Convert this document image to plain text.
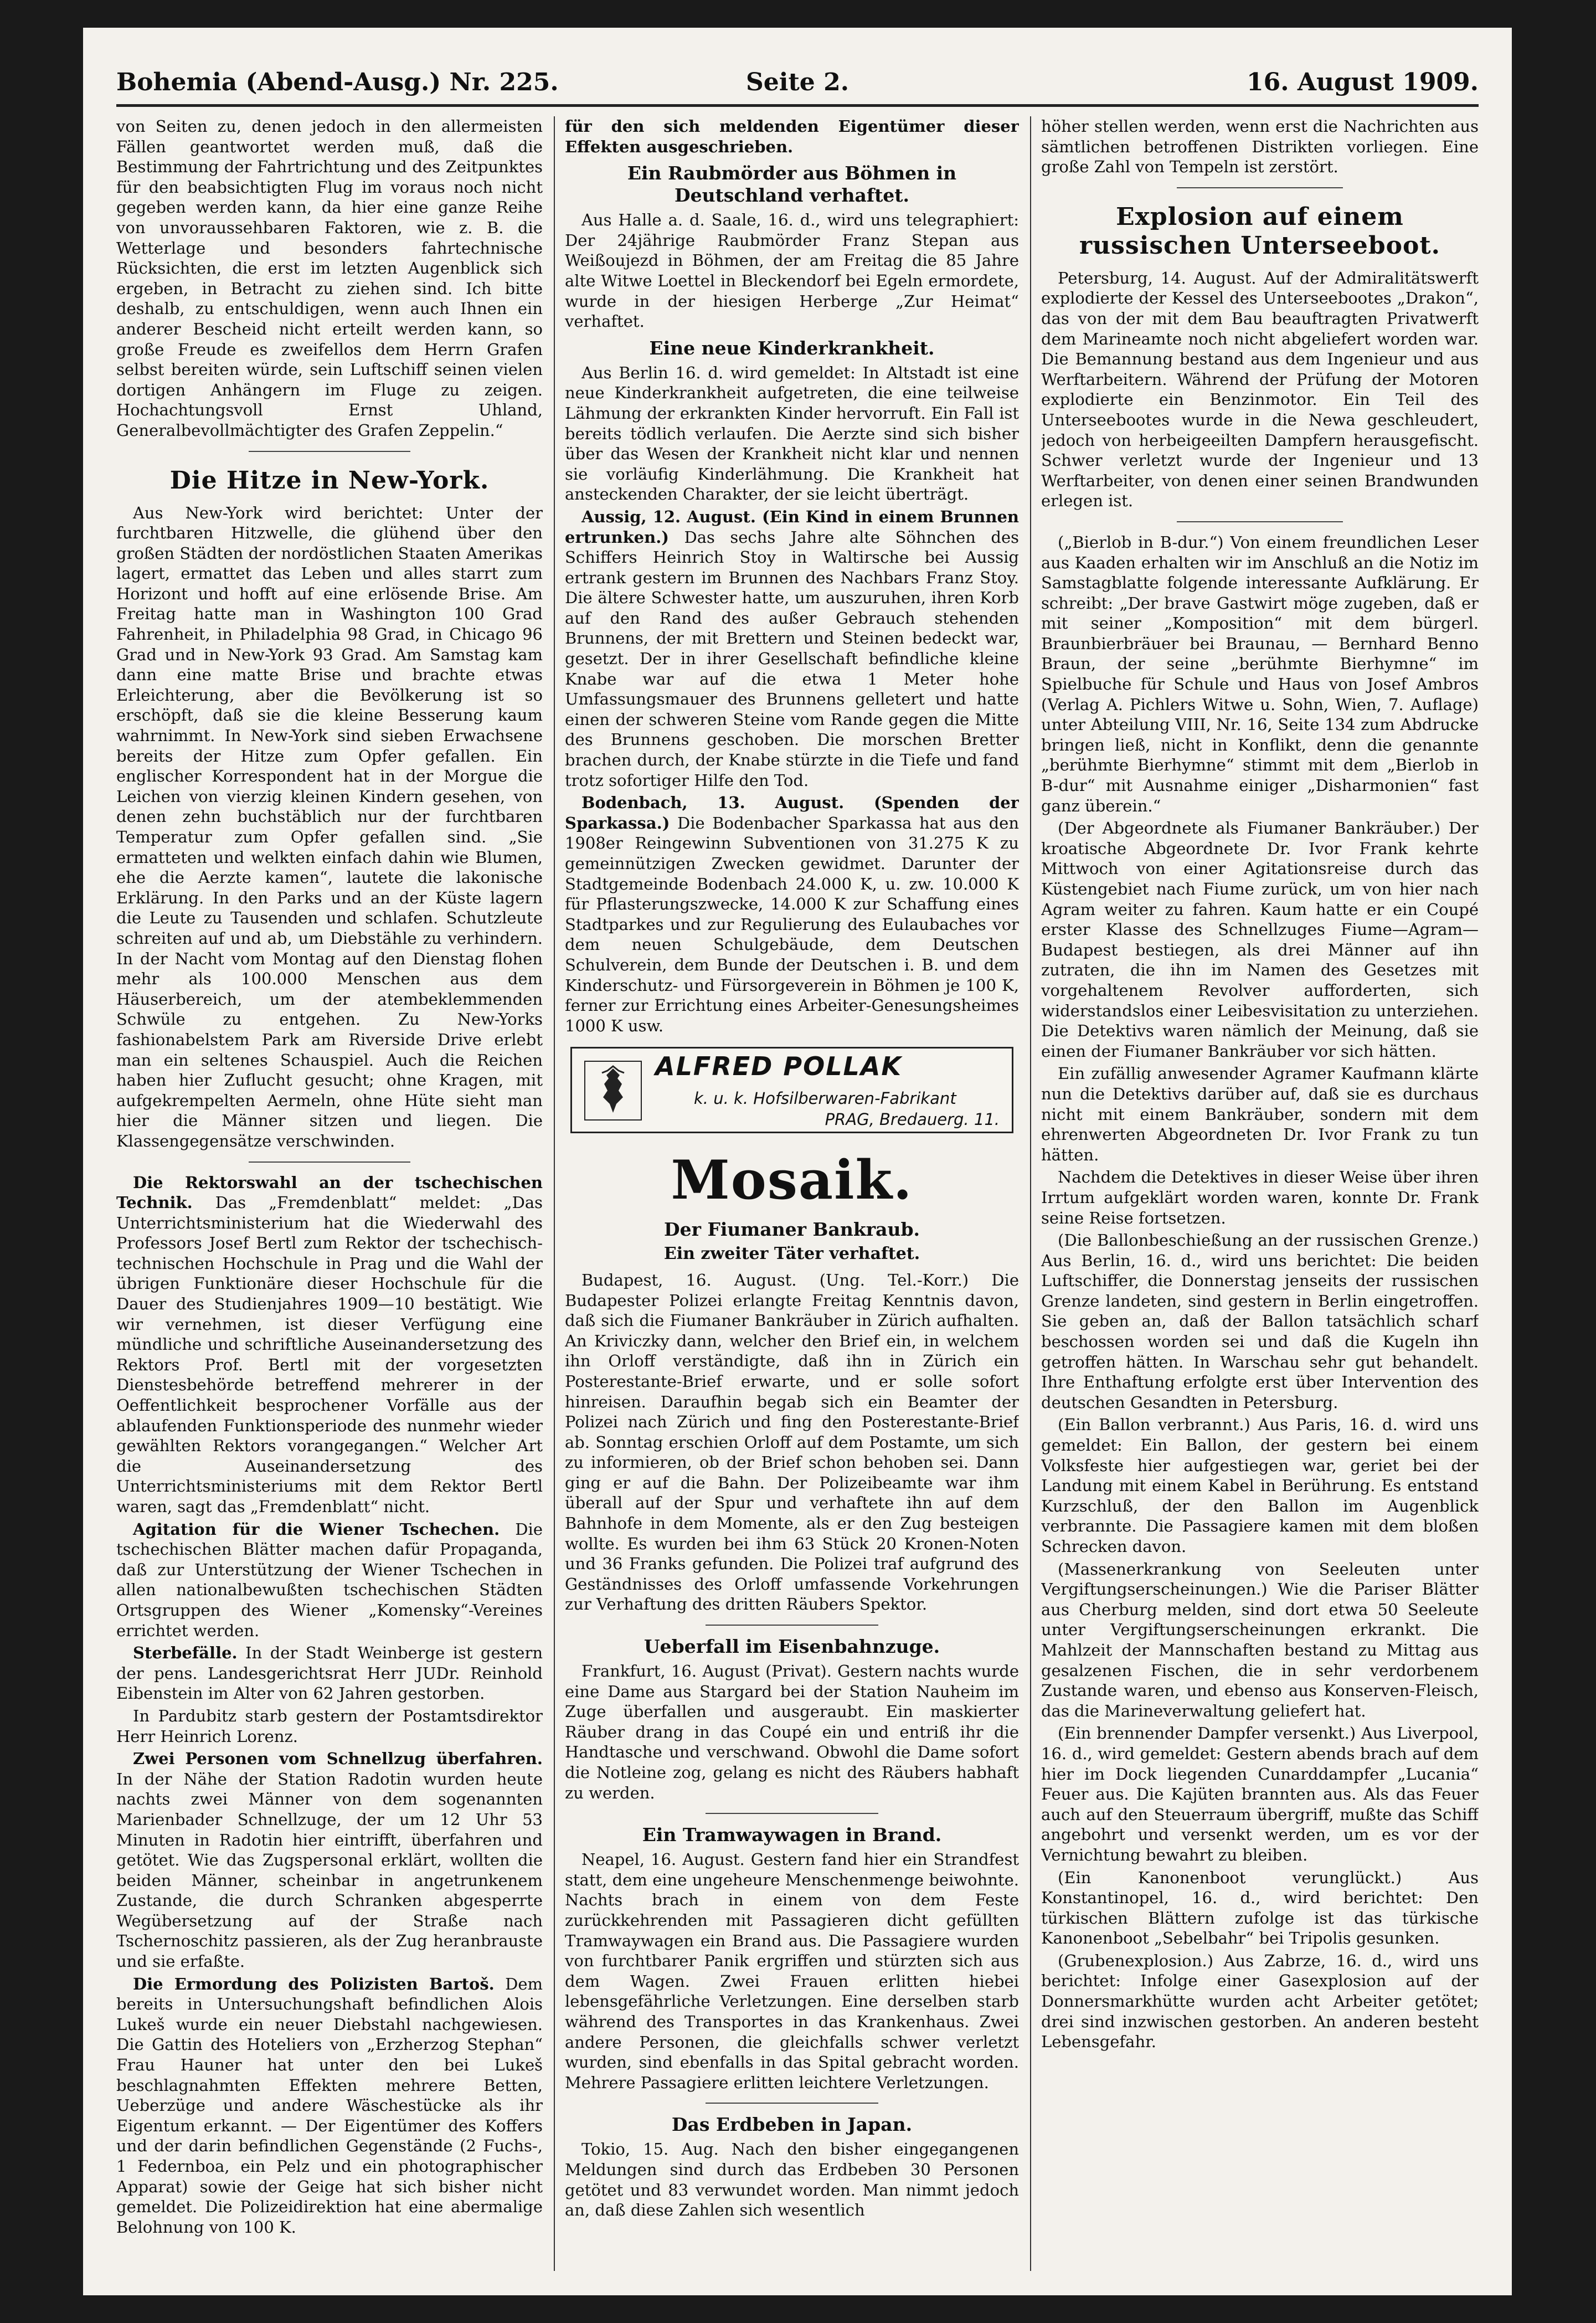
Seite 2.
Bohemia (Abend-Ausg.) Nr. 225.	16. August 1909.

von Seiten zu, denen jedoch in den allermeisten Fällen geantwortet werden muß, daß die Bestimmung der Fahrtrichtung und des Zeitpunktes für den beabsichtigten Flug im voraus noch nicht gegeben werden kann, da hier eine ganze Reihe von unvoraussehbaren Faktoren, wie z. B. die Wetterlage und besonders fahrtechnische Rücksichten, die erst im letzten Augenblick sich ergeben, in Betracht zu ziehen sind. Ich bitte deshalb, zu entschuldigen, wenn auch Ihnen ein anderer Bescheid nicht erteilt werden kann, so große Freude es zweifellos dem Herrn Grafen selbst bereiten würde, sein Luftschiff seinen vielen dortigen Anhängern im Fluge zu zeigen. Hochachtungsvoll Ernst Uhland, Generalbevollmächtigter des Grafen Zeppelin.“

Die Hitze in New-York.

Aus New-York wird berichtet: Unter der furchtbaren Hitzwelle, die glühend über den großen Städten der nordöstlichen Staaten Amerikas lagert, ermattet das Leben und alles starrt zum Horizont und hofft auf eine erlösende Brise. Am Freitag hatte man in Washington 100 Grad Fahrenheit, in Philadelphia 98 Grad, in Chicago 96 Grad und in New-York 93 Grad. Am Samstag kam dann eine matte Brise und brachte etwas Erleichterung, aber die Bevölkerung ist so erschöpft, daß sie die kleine Besserung kaum wahrnimmt. In New-York sind sieben Erwachsene bereits der Hitze zum Opfer gefallen. Ein englischer Korrespondent hat in der Morgue die Leichen von vierzig kleinen Kindern gesehen, von denen zehn buchstäblich nur der furchtbaren Temperatur zum Opfer gefallen sind. „Sie ermatteten und welkten einfach dahin wie Blumen, ehe die Aerzte kamen“, lautete die lakonische Erklärung. In den Parks und an der Küste lagern die Leute zu Tausenden und schlafen. Schutzleute schreiten auf und ab, um Diebstähle zu verhindern. In der Nacht vom Montag auf den Dienstag flohen mehr als 100.000 Menschen aus dem Häuserbereich, um der atembeklemmenden Schwüle zu entgehen. Zu New-Yorks fashionabelstem Park am Riverside Drive erlebt man ein seltenes Schauspiel. Auch die Reichen haben hier Zuflucht gesucht; ohne Kragen, mit aufgekrempelten Aermeln, ohne Hüte sieht man hier die Männer sitzen und liegen. Die Klassengegensätze verschwinden.

Die Rektorswahl an der tschechischen Technik. Das „Fremdenblatt“ meldet: „Das Unterrichtsministerium hat die Wiederwahl des Professors Josef Bertl zum Rektor der tschechisch-technischen Hochschule in Prag und die Wahl der übrigen Funktionäre dieser Hochschule für die Dauer des Studienjahres 1909—10 bestätigt. Wie wir vernehmen, ist dieser Verfügung eine mündliche und schriftliche Auseinandersetzung des Rektors Prof. Bertl mit der vorgesetzten Dienstesbehörde betreffend mehrerer in der Oeffentlichkeit besprochener Vorfälle aus der ablaufenden Funktionsperiode des nunmehr wieder gewählten Rektors vorangegangen.“ Welcher Art die Auseinandersetzung des Unterrichtsministeriums mit dem Rektor Bertl waren, sagt das „Fremdenblatt“ nicht.

Agitation für die Wiener Tschechen. Die tschechischen Blätter machen dafür Propaganda, daß zur Unterstützung der Wiener Tschechen in allen nationalbewußten tschechischen Städten Ortsgruppen des Wiener „Komensky“-Vereines errichtet werden.

Sterbefälle. In der Stadt Weinberge ist gestern der pens. Landesgerichtsrat Herr JUDr. Reinhold Eibenstein im Alter von 62 Jahren gestorben.

In Pardubitz starb gestern der Postamtsdirektor Herr Heinrich Lorenz.

Zwei Personen vom Schnellzug überfahren. In der Nähe der Station Radotin wurden heute nachts zwei Männer von dem sogenannten Marienbader Schnellzuge, der um 12 Uhr 53 Minuten in Radotin hier eintrifft, überfahren und getötet. Wie das Zugspersonal erklärt, wollten die beiden Männer, scheinbar in angetrunkenem Zustande, die durch Schranken abgesperrte Wegübersetzung auf der Straße nach Tschernoschitz passieren, als der Zug heranbrauste und sie erfaßte.

Die Ermordung des Polizisten Bartoš. Dem bereits in Untersuchungshaft befindlichen Alois Lukeš wurde ein neuer Diebstahl nachgewiesen. Die Gattin des Hoteliers von „Erzherzog Stephan“ Frau Hauner hat unter den bei Lukeš beschlagnahmten Effekten mehrere Betten, Ueberzüge und andere Wäschestücke als ihr Eigentum erkannt. — Der Eigentümer des Koffers und der darin befindlichen Gegenstände (2 Fuchs-, 1 Federnboa, ein Pelz und ein photographischer Apparat) sowie der Geige hat sich bisher nicht gemeldet. Die Polizeidirektion hat eine abermalige Belohnung von 100 K.

für den sich meldenden Eigentümer dieser Effekten ausgeschrieben.

Ein Raubmörder aus Böhmen in Deutschland verhaftet.

Aus Halle a. d. Saale, 16. d., wird uns telegraphiert: Der 24jährige Raubmörder Franz Stepan aus Weißoujezd in Böhmen, der am Freitag die 85 Jahre alte Witwe Loettel in Bleckendorf bei Egeln ermordete, wurde in der hiesigen Herberge „Zur Heimat“ verhaftet.

Eine neue Kinderkrankheit.

Aus Berlin 16. d. wird gemeldet: In Altstadt ist eine neue Kinderkrankheit aufgetreten, die eine teilweise Lähmung der erkrankten Kinder hervorruft. Ein Fall ist bereits tödlich verlaufen. Die Aerzte sind sich bisher über das Wesen der Krankheit nicht klar und nennen sie vorläufig Kinderlähmung. Die Krankheit hat ansteckenden Charakter, der sie leicht überträgt.

Aussig, 12. August. (Ein Kind in einem Brunnen ertrunken.) Das sechs Jahre alte Söhnchen des Schiffers Heinrich Stoy in Waltirsche bei Aussig ertrank gestern im Brunnen des Nachbars Franz Stoy. Die ältere Schwester hatte, um auszuruhen, ihren Korb auf den Rand des außer Gebrauch stehenden Brunnens, der mit Brettern und Steinen bedeckt war, gesetzt. Der in ihrer Gesellschaft befindliche kleine Knabe war auf die etwa 1 Meter hohe Umfassungsmauer des Brunnens gelletert und hatte einen der schweren Steine vom Rande gegen die Mitte des Brunnens geschoben. Die morschen Bretter brachen durch, der Knabe stürzte in die Tiefe und fand trotz sofortiger Hilfe den Tod.

Bodenbach, 13. August. (Spenden der Sparkassa.) Die Bodenbacher Sparkassa hat aus den 1908er Reingewinn Subventionen von 31.275 K zu gemeinnützigen Zwecken gewidmet. Darunter der Stadtgemeinde Bodenbach 24.000 K, u. zw. 10.000 K für Pflasterungszwecke, 14.000 K zur Schaffung eines Stadtparkes und zur Regulierung des Eulaubaches vor dem neuen Schulgebäude, dem Deutschen Schulverein, dem Bunde der Deutschen i. B. und dem Kinderschutz- und Fürsorgeverein in Böhmen je 100 K, ferner zur Errichtung eines Arbeiter-Genesungsheimes 1000 K usw.

ALFRED POLLAK
k. u. k. Hofsilberwaren-Fabrikant
PRAG, Bredauerg. 11.
Mosaik.
Der Fiumaner Bankraub.
Ein zweiter Täter verhaftet.

Budapest, 16. August. (Ung. Tel.-Korr.) Die Budapester Polizei erlangte Freitag Kenntnis davon, daß sich die Fiumaner Bankräuber in Zürich aufhalten. An Kriviczky dann, welcher den Brief ein, in welchem ihn Orloff verständigte, daß ihn in Zürich ein Posterestante-Brief erwarte, und er solle sofort hinreisen. Daraufhin begab sich ein Beamter der Polizei nach Zürich und fing den Posterestante-Brief ab. Sonntag erschien Orloff auf dem Postamte, um sich zu informieren, ob der Brief schon behoben sei. Dann ging er auf die Bahn. Der Polizeibeamte war ihm überall auf der Spur und verhaftete ihn auf dem Bahnhofe in dem Momente, als er den Zug besteigen wollte. Es wurden bei ihm 63 Stück 20 Kronen-Noten und 36 Franks gefunden. Die Polizei traf aufgrund des Geständnisses des Orloff umfassende Vorkehrungen zur Verhaftung des dritten Räubers Spektor.

Ueberfall im Eisenbahnzuge.

Frankfurt, 16. August (Privat). Gestern nachts wurde eine Dame aus Stargard bei der Station Nauheim im Zuge überfallen und ausgeraubt. Ein maskierter Räuber drang in das Coupé ein und entriß ihr die Handtasche und verschwand. Obwohl die Dame sofort die Notleine zog, gelang es nicht des Räubers habhaft zu werden.

Ein Tramwaywagen in Brand.

Neapel, 16. August. Gestern fand hier ein Strandfest statt, dem eine ungeheure Menschenmenge beiwohnte. Nachts brach in einem von dem Feste zurückkehrenden mit Passagieren dicht gefüllten Tramwaywagen ein Brand aus. Die Passagiere wurden von furchtbarer Panik ergriffen und stürzten sich aus dem Wagen. Zwei Frauen erlitten hiebei lebensgefährliche Verletzungen. Eine derselben starb während des Transportes in das Krankenhaus. Zwei andere Personen, die gleichfalls schwer verletzt wurden, sind ebenfalls in das Spital gebracht worden. Mehrere Passagiere erlitten leichtere Verletzungen.

Das Erdbeben in Japan.

Tokio, 15. Aug. Nach den bisher eingegangenen Meldungen sind durch das Erdbeben 30 Personen getötet und 83 verwundet worden. Man nimmt jedoch an, daß diese Zahlen sich wesentlich

höher stellen werden, wenn erst die Nachrichten aus sämtlichen betroffenen Distrikten vorliegen. Eine große Zahl von Tempeln ist zerstört.

Explosion auf einem russischen Unterseeboot.

Petersburg, 14. August. Auf der Admiralitätswerft explodierte der Kessel des Unterseebootes „Drakon“, das von der mit dem Bau beauftragten Privatwerft dem Marineamte noch nicht abgeliefert worden war. Die Bemannung bestand aus dem Ingenieur und aus Werftarbeitern. Während der Prüfung der Motoren explodierte ein Benzinmotor. Ein Teil des Unterseebootes wurde in die Newa geschleudert, jedoch von herbeigeeilten Dampfern herausgefischt. Schwer verletzt wurde der Ingenieur und 13 Werftarbeiter, von denen einer seinen Brandwunden erlegen ist.

(„Bierlob in B-dur.“) Von einem freundlichen Leser aus Kaaden erhalten wir im Anschluß an die Notiz im Samstagblatte folgende interessante Aufklärung. Er schreibt: „Der brave Gastwirt möge zugeben, daß er mit seiner „Komposition“ mit dem bürgerl. Braunbierbräuer bei Braunau, — Bernhard Benno Braun, der seine „berühmte Bierhymne“ im Spielbuche für Schule und Haus von Josef Ambros (Verlag A. Pichlers Witwe u. Sohn, Wien, 7. Auflage) unter Abteilung VIII, Nr. 16, Seite 134 zum Abdrucke bringen ließ, nicht in Konflikt, denn die genannte „berühmte Bierhymne“ stimmt mit dem „Bierlob in B-dur“ mit Ausnahme einiger „Disharmonien“ fast ganz überein.“

(Der Abgeordnete als Fiumaner Bankräuber.) Der kroatische Abgeordnete Dr. Ivor Frank kehrte Mittwoch von einer Agitationsreise durch das Küstengebiet nach Fiume zurück, um von hier nach Agram weiter zu fahren. Kaum hatte er ein Coupé erster Klasse des Schnellzuges Fiume—Agram—Budapest bestiegen, als drei Männer auf ihn zutraten, die ihn im Namen des Gesetzes mit vorgehaltenem Revolver aufforderten, sich widerstandslos einer Leibesvisitation zu unterziehen. Die Detektivs waren nämlich der Meinung, daß sie einen der Fiumaner Bankräuber vor sich hätten.

Ein zufällig anwesender Agramer Kaufmann klärte nun die Detektivs darüber auf, daß sie es durchaus nicht mit einem Bankräuber, sondern mit dem ehrenwerten Abgeordneten Dr. Ivor Frank zu tun hätten.

Nachdem die Detektives in dieser Weise über ihren Irrtum aufgeklärt worden waren, konnte Dr. Frank seine Reise fortsetzen.

(Die Ballonbeschießung an der russischen Grenze.) Aus Berlin, 16. d., wird uns berichtet: Die beiden Luftschiffer, die Donnerstag jenseits der russischen Grenze landeten, sind gestern in Berlin eingetroffen. Sie geben an, daß der Ballon tatsächlich scharf beschossen worden sei und daß die Kugeln ihn getroffen hätten. In Warschau sehr gut behandelt. Ihre Enthaftung erfolgte erst über Intervention des deutschen Gesandten in Petersburg.

(Ein Ballon verbrannt.) Aus Paris, 16. d. wird uns gemeldet: Ein Ballon, der gestern bei einem Volksfeste hier aufgestiegen war, geriet bei der Landung mit einem Kabel in Berührung. Es entstand Kurzschluß, der den Ballon im Augenblick verbrannte. Die Passagiere kamen mit dem bloßen Schrecken davon.

(Massenerkrankung von Seeleuten unter Vergiftungserscheinungen.) Wie die Pariser Blätter aus Cherburg melden, sind dort etwa 50 Seeleute unter Vergiftungserscheinungen erkrankt. Die Mahlzeit der Mannschaften bestand zu Mittag aus gesalzenen Fischen, die in sehr verdorbenem Zustande waren, und ebenso aus Konserven-Fleisch, das die Marineverwaltung geliefert hat.

(Ein brennender Dampfer versenkt.) Aus Liverpool, 16. d., wird gemeldet: Gestern abends brach auf dem hier im Dock liegenden Cunarddampfer „Lucania“ Feuer aus. Die Kajüten brannten aus. Als das Feuer auch auf den Steuerraum übergriff, mußte das Schiff angebohrt und versenkt werden, um es vor der Vernichtung bewahrt zu bleiben.

(Ein Kanonenboot verunglückt.) Aus Konstantinopel, 16. d., wird berichtet: Den türkischen Blättern zufolge ist das türkische Kanonenboot „Sebelbahr“ bei Tripolis gesunken.

(Grubenexplosion.) Aus Zabrze, 16. d., wird uns berichtet: Infolge einer Gasexplosion auf der Donnersmarkhütte wurden acht Arbeiter getötet; drei sind inzwischen gestorben. An anderen besteht Lebensgefahr.
